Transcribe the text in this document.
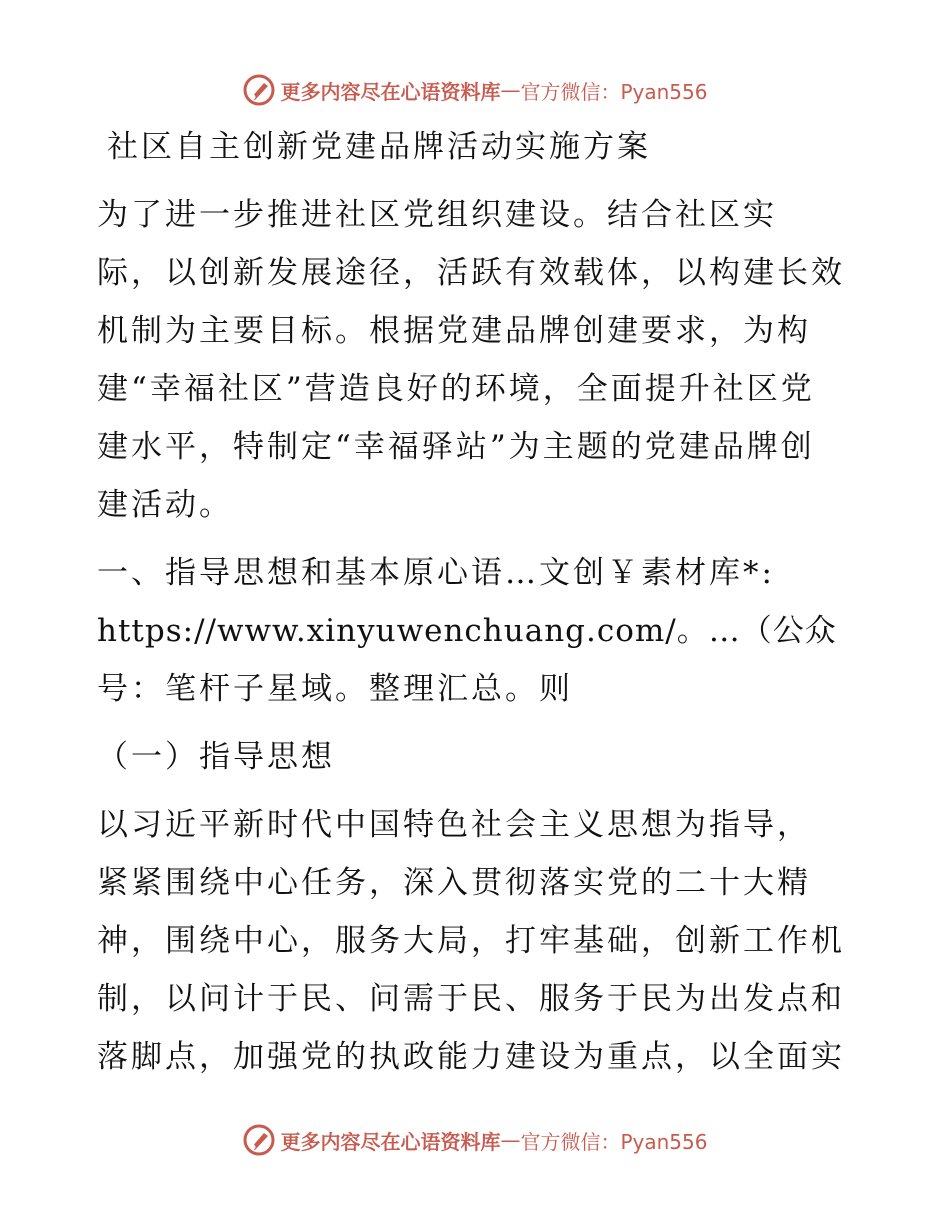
更多内容尽在心语资料库 — 官方微信：Pyan556
社区自主创新党建品牌活动实施方案
为了进一步推进社区党组织建设。结合社区实
际，以创新发展途径，活跃有效载体，以构建长效
机制为主要目标。根据党建品牌创建要求，为构
建“幸福社区”营造良好的环境，全面提升社区党
建水平，特制定“幸福驿站”为主题的党建品牌创
建活动。
一、指导思想和基本原心语…文创￥素材库*:
https://www.xinyuwenchuang.com/。…（公众
号：笔杆子星域。整理汇总。则
（一）指导思想
以习近平新时代中国特色社会主义思想为指导，
紧紧围绕中心任务，深入贯彻落实党的二十大精
神，围绕中心，服务大局，打牢基础，创新工作机
制，以问计于民、问需于民、服务于民为出发点和
落脚点，加强党的执政能力建设为重点，以全面实
更多内容尽在心语资料库 — 官方微信：Pyan556
